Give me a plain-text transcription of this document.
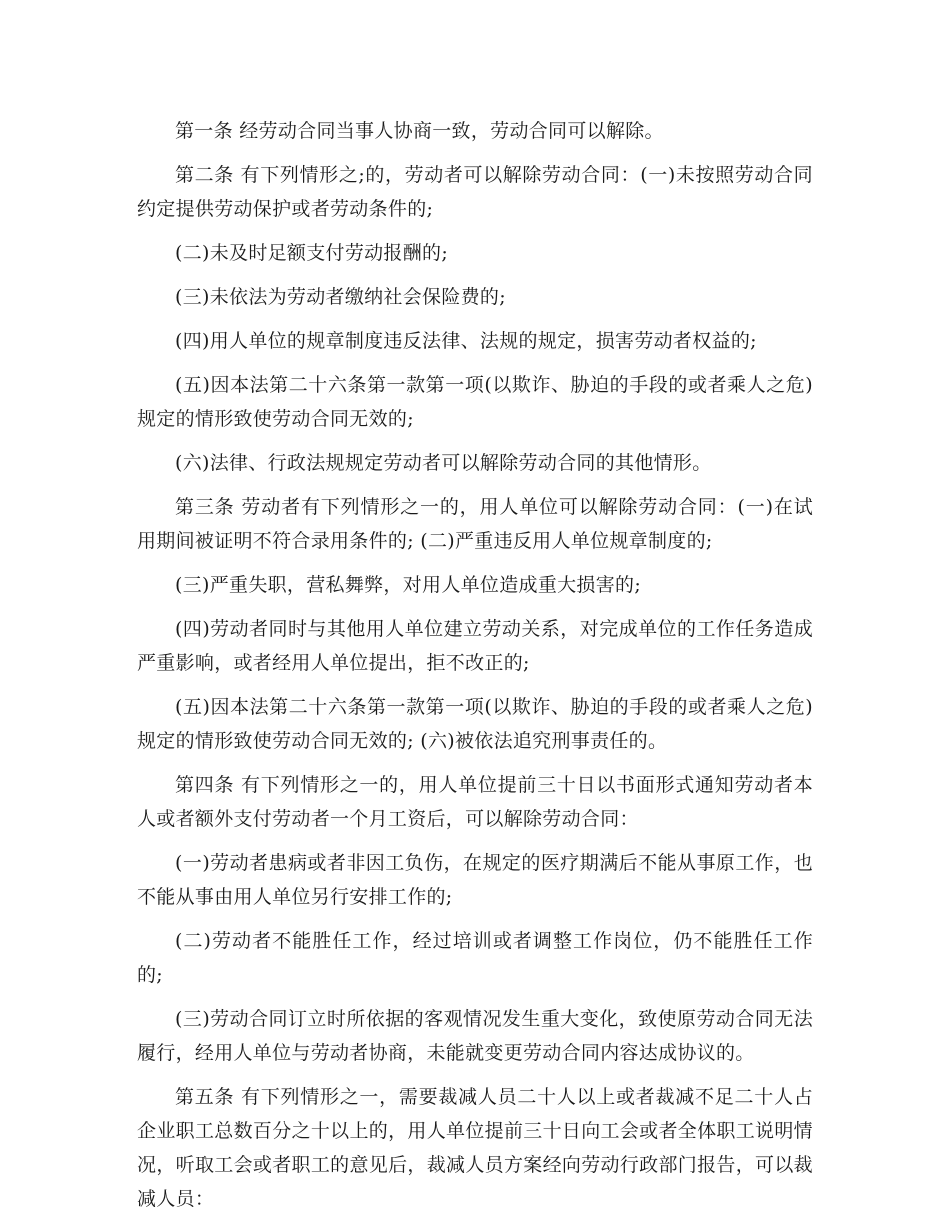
第一条 经劳动合同当事人协商一致，劳动合同可以解除。

第二条 有下列情形之;的，劳动者可以解除劳动合同：(一)未按照劳动合同约定提供劳动保护或者劳动条件的;

(二)未及时足额支付劳动报酬的;

(三)未依法为劳动者缴纳社会保险费的;

(四)用人单位的规章制度违反法律、法规的规定，损害劳动者权益的;

(五)因本法第二十六条第一款第一项(以欺诈、胁迫的手段的或者乘人之危)规定的情形致使劳动合同无效的;

(六)法律、行政法规规定劳动者可以解除劳动合同的其他情形。

第三条 劳动者有下列情形之一的，用人单位可以解除劳动合同：(一)在试用期间被证明不符合录用条件的; (二)严重违反用人单位规章制度的;

(三)严重失职，营私舞弊，对用人单位造成重大损害的;

(四)劳动者同时与其他用人单位建立劳动关系，对完成单位的工作任务造成严重影响，或者经用人单位提出，拒不改正的;

(五)因本法第二十六条第一款第一项(以欺诈、胁迫的手段的或者乘人之危)规定的情形致使劳动合同无效的; (六)被依法追究刑事责任的。

第四条 有下列情形之一的，用人单位提前三十日以书面形式通知劳动者本人或者额外支付劳动者一个月工资后，可以解除劳动合同：

(一)劳动者患病或者非因工负伤，在规定的医疗期满后不能从事原工作，也不能从事由用人单位另行安排工作的;

(二)劳动者不能胜任工作，经过培训或者调整工作岗位，仍不能胜任工作的;

(三)劳动合同订立时所依据的客观情况发生重大变化，致使原劳动合同无法履行，经用人单位与劳动者协商，未能就变更劳动合同内容达成协议的。

第五条 有下列情形之一，需要裁减人员二十人以上或者裁减不足二十人占企业职工总数百分之十以上的，用人单位提前三十日向工会或者全体职工说明情况，听取工会或者职工的意见后，裁减人员方案经向劳动行政部门报告，可以裁减人员：
